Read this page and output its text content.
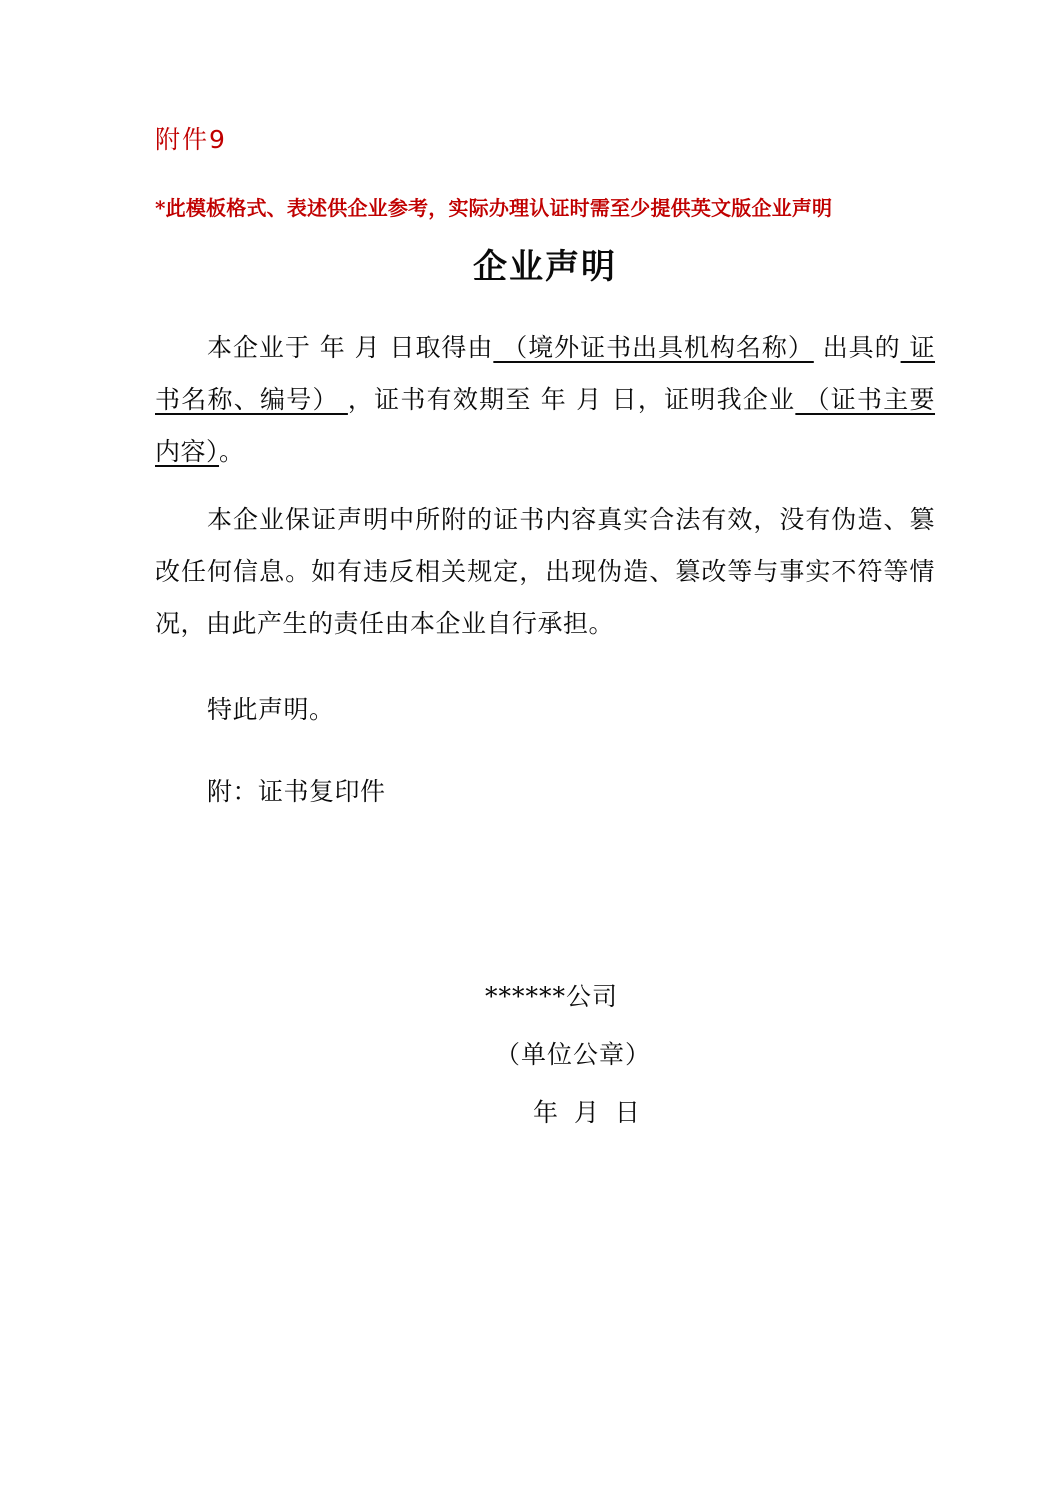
附件9
*此模板格式、表述供企业参考，实际办理认证时需至少提供英文版企业声明
企业声明

本企业于 年 月 日取得由 （境外证书出具机构名称） 出具的 证书名称、编号） ，证书有效期至 年 月 日，证明我企业 （证书主要内容）。

本企业保证声明中所附的证书内容真实合法有效，没有伪造、篡改任何信息。如有违反相关规定，出现伪造、篡改等与事实不符等情况，由此产生的责任由本企业自行承担。

特此声明。

附：证书复印件

******公司

（单位公章）

年 月 日
